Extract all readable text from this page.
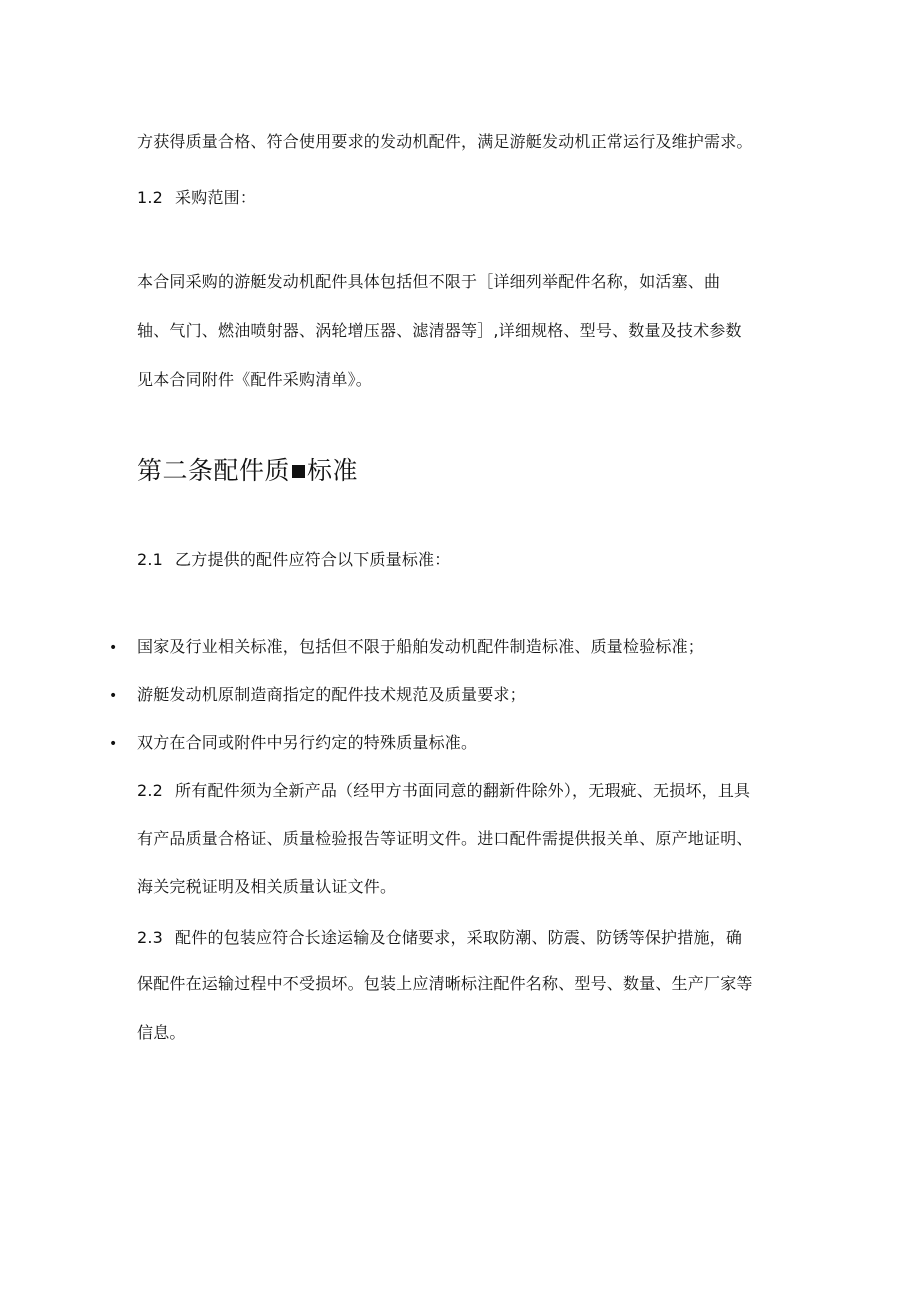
方获得质量合格、符合使用要求的发动机配件，满足游艇发动机正常运行及维护需求。
1.2 采购范围：
本合同采购的游艇发动机配件具体包括但不限于［详细列举配件名称，如活塞、曲
轴、气门、燃油喷射器、涡轮增压器、滤清器等］,详细规格、型号、数量及技术参数
见本合同附件《配件采购清单》。
第二条配件质 标准
2.1 乙方提供的配件应符合以下质量标准：
• 国家及行业相关标准，包括但不限于船舶发动机配件制造标准、质量检验标准；
• 游艇发动机原制造商指定的配件技术规范及质量要求；
• 双方在合同或附件中另行约定的特殊质量标准。
2.2 所有配件须为全新产品（经甲方书面同意的翻新件除外），无瑕疵、无损坏，且具
有产品质量合格证、质量检验报告等证明文件。进口配件需提供报关单、原产地证明、
海关完税证明及相关质量认证文件。
2.3 配件的包装应符合长途运输及仓储要求，采取防潮、防震、防锈等保护措施，确
保配件在运输过程中不受损坏。包装上应清晰标注配件名称、型号、数量、生产厂家等
信息。
